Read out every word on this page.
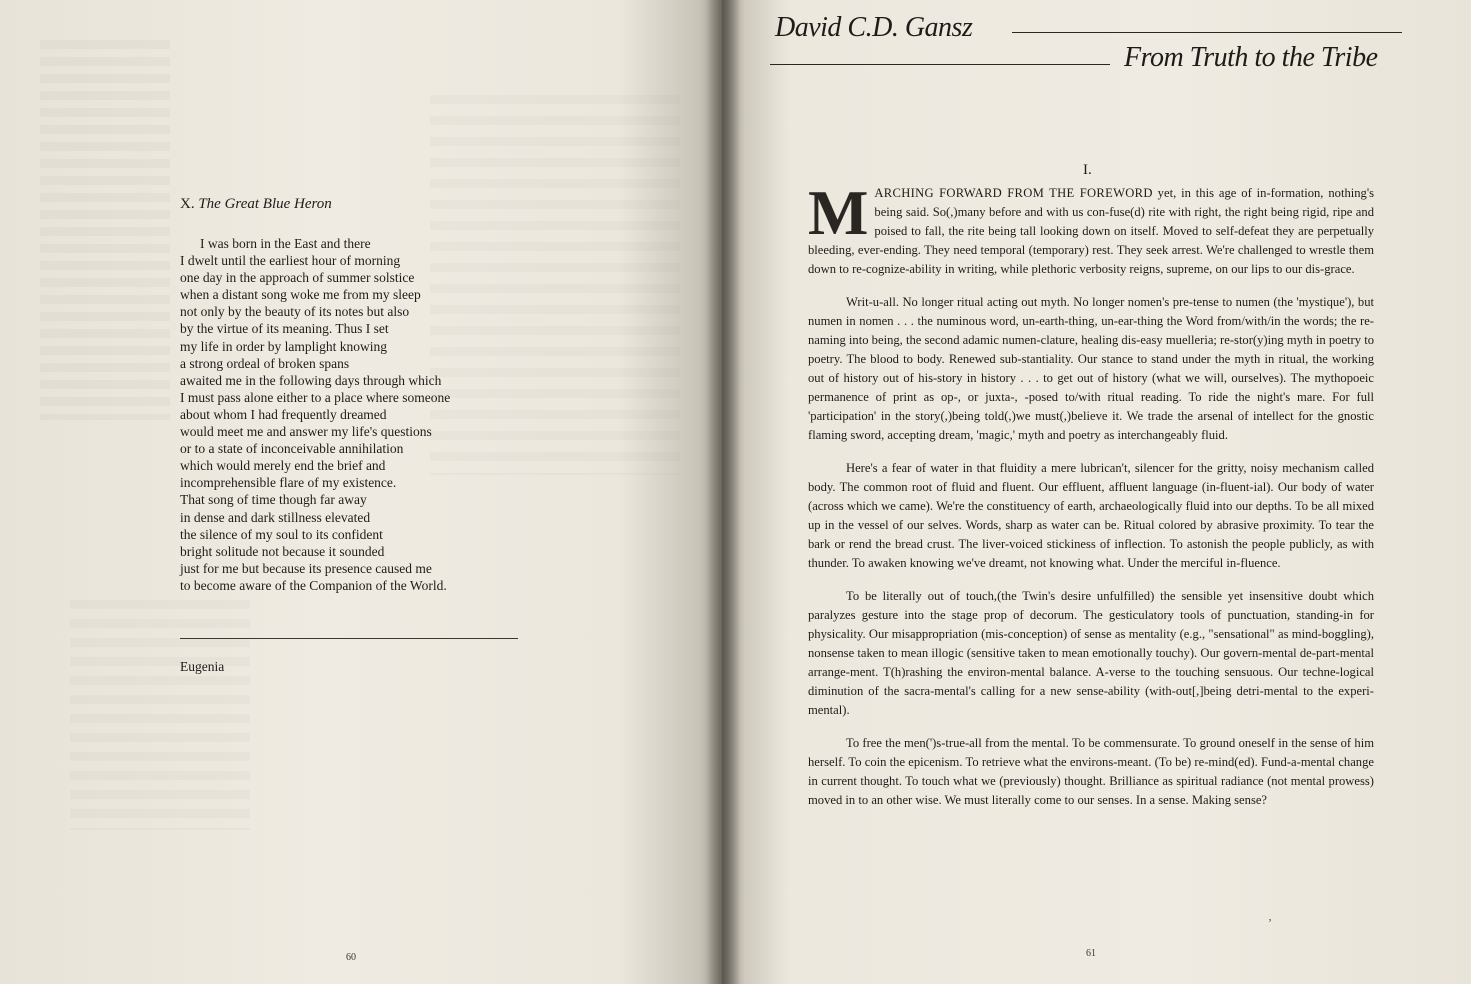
X. The Great Blue Heron
I was born in the East and there
I dwelt until the earliest hour of morning
one day in the approach of summer solstice
when a distant song woke me from my sleep
not only by the beauty of its notes but also
by the virtue of its meaning. Thus I set
my life in order by lamplight knowing
a strong ordeal of broken spans
awaited me in the following days through which
I must pass alone either to a place where someone
about whom I had frequently dreamed
would meet me and answer my life's questions
or to a state of inconceivable annihilation
which would merely end the brief and
incomprehensible flare of my existence.
That song of time though far away
in dense and dark stillness elevated
the silence of my soul to its confident
bright solitude not because it sounded
just for me but because its presence caused me
to become aware of the Companion of the World.
Eugenia
60
David C.D. Gansz
From Truth to the Tribe
I.

MARCHING FORWARD FROM THE FOREWORD yet, in this age of in-formation, nothing's being said. So(,)many before and with us con-fuse(d) rite with right, the right being rigid, ripe and poised to fall, the rite being tall looking down on itself. Moved to self-defeat they are perpetually bleeding, ever-ending. They need temporal (temporary) rest. They seek arrest. We're challenged to wrestle them down to re-cognize-ability in writing, while plethoric verbosity reigns, supreme, on our lips to our dis-grace.

Writ-u-all. No longer ritual acting out myth. No longer nomen's pre-tense to numen (the 'mystique'), but numen in nomen . . . the numinous word, un-earth-thing, un-ear-thing the Word from/with/in the words; the re-naming into being, the second adamic numen-clature, healing dis-easy muelleria; re-stor(y)ing myth in poetry to poetry. The blood to body. Renewed sub-stantiality. Our stance to stand under the myth in ritual, the working out of history out of his-story in history . . . to get out of history (what we will, ourselves). The mythopoeic permanence of print as op-, or juxta-, -posed to/with ritual reading. To ride the night's mare. For full 'participation' in the story(,)being told(,)we must(,)believe it. We trade the arsenal of intellect for the gnostic flaming sword, accepting dream, 'magic,' myth and poetry as interchangeably fluid.

Here's a fear of water in that fluidity a mere lubrican't, silencer for the gritty, noisy mechanism called body. The common root of fluid and fluent. Our effluent, affluent language (in-fluent-ial). Our body of water (across which we came). We're the constituency of earth, archaeologically fluid into our depths. To be all mixed up in the vessel of our selves. Words, sharp as water can be. Ritual colored by abrasive proximity. To tear the bark or rend the bread crust. The liver-voiced stickiness of inflection. To astonish the people publicly, as with thunder. To awaken knowing we've dreamt, not knowing what. Under the merciful in-fluence.

To be literally out of touch,(the Twin's desire unfulfilled) the sensible yet insensitive doubt which paralyzes gesture into the stage prop of decorum. The gesticulatory tools of punctuation, standing-in for physicality. Our misappropriation (mis-conception) of sense as mentality (e.g., "sensational" as mind-boggling), nonsense taken to mean illogic (sensitive taken to mean emotionally touchy). Our govern-mental de-part-mental arrange-ment. T(h)rashing the environ-mental balance. A-verse to the touching sensuous. Our techne-logical diminution of the sacra-mental's calling for a new sense-ability (with-out[,]being detri-mental to the experi-mental).

To free the men(')s-true-all from the mental. To be commensurate. To ground oneself in the sense of him herself. To coin the epicenism. To retrieve what the environs-meant. (To be) re-mind(ed). Fund-a-mental change in current thought. To touch what we (previously) thought. Brilliance as spiritual radiance (not mental prowess) moved in to an other wise. We must literally come to our senses. In a sense. Making sense?

ʼ
61
